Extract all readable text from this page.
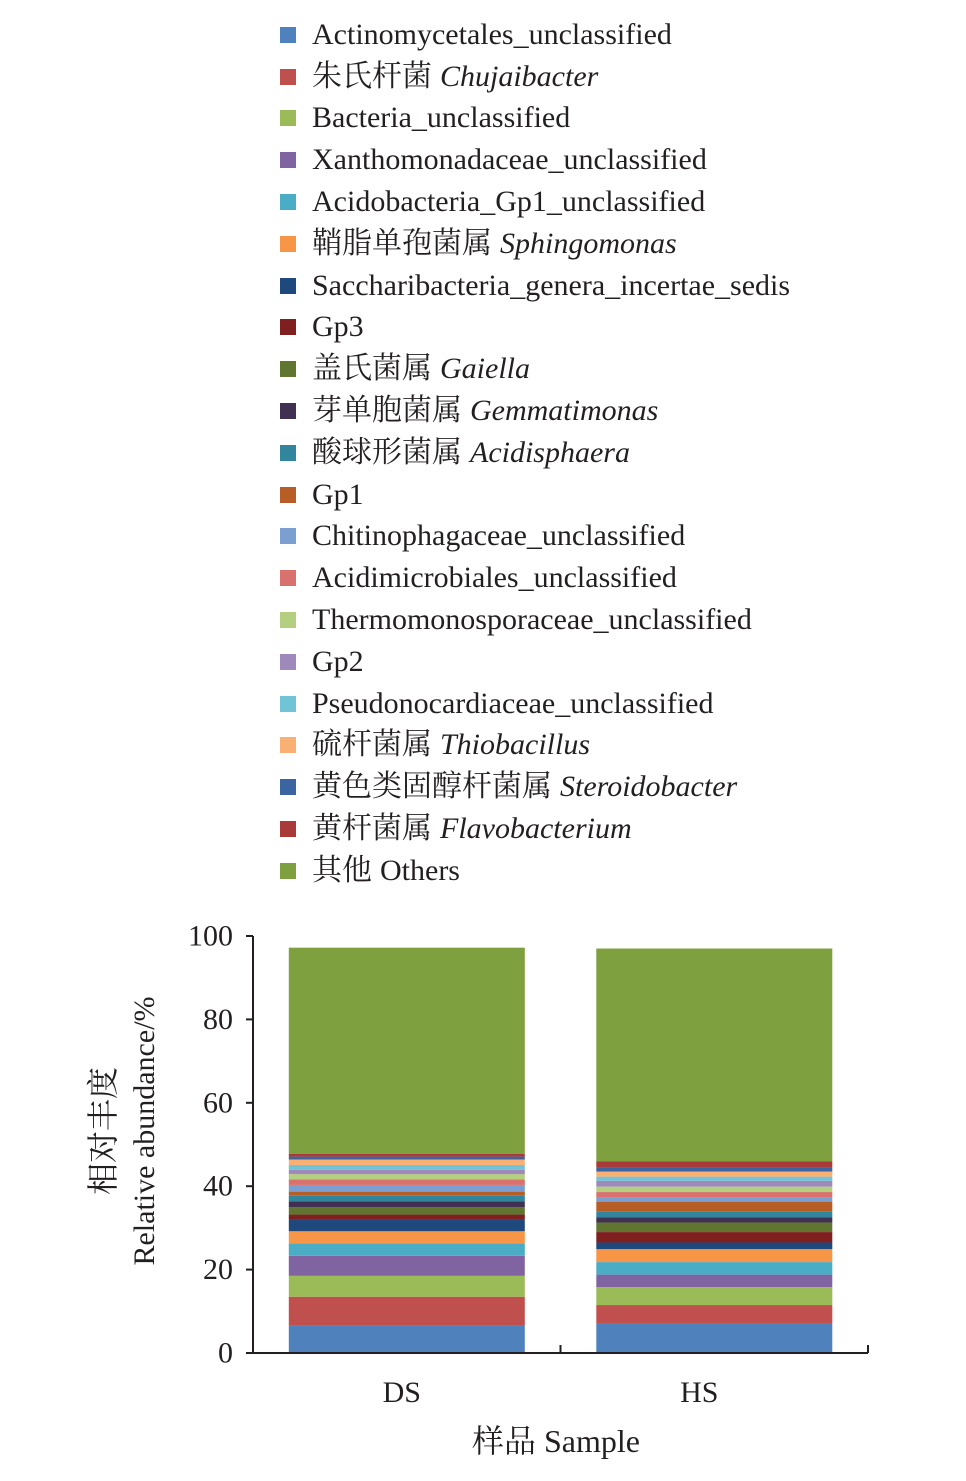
Actinomycetales_unclassified
朱氏杆菌 Chujaibacter
Bacteria_unclassified
Xanthomonadaceae_unclassified
Acidobacteria_Gp1_unclassified
鞘脂单孢菌属 Sphingomonas
Saccharibacteria_genera_incertae_sedis
Gp3
盖氏菌属 Gaiella
芽单胞菌属 Gemmatimonas
酸球形菌属 Acidisphaera
Gp1
Chitinophagaceae_unclassified
Acidimicrobiales_unclassified
Thermomonosporaceae_unclassified
Gp2
Pseudonocardiaceae_unclassified
硫杆菌属 Thiobacillus
黄色类固醇杆菌属 Steroidobacter
黄杆菌属 Flavobacterium
其他 Others
0
20
40
60
80
100
DS	HS
样品 Sample
相对丰度 Relative abundance/%
